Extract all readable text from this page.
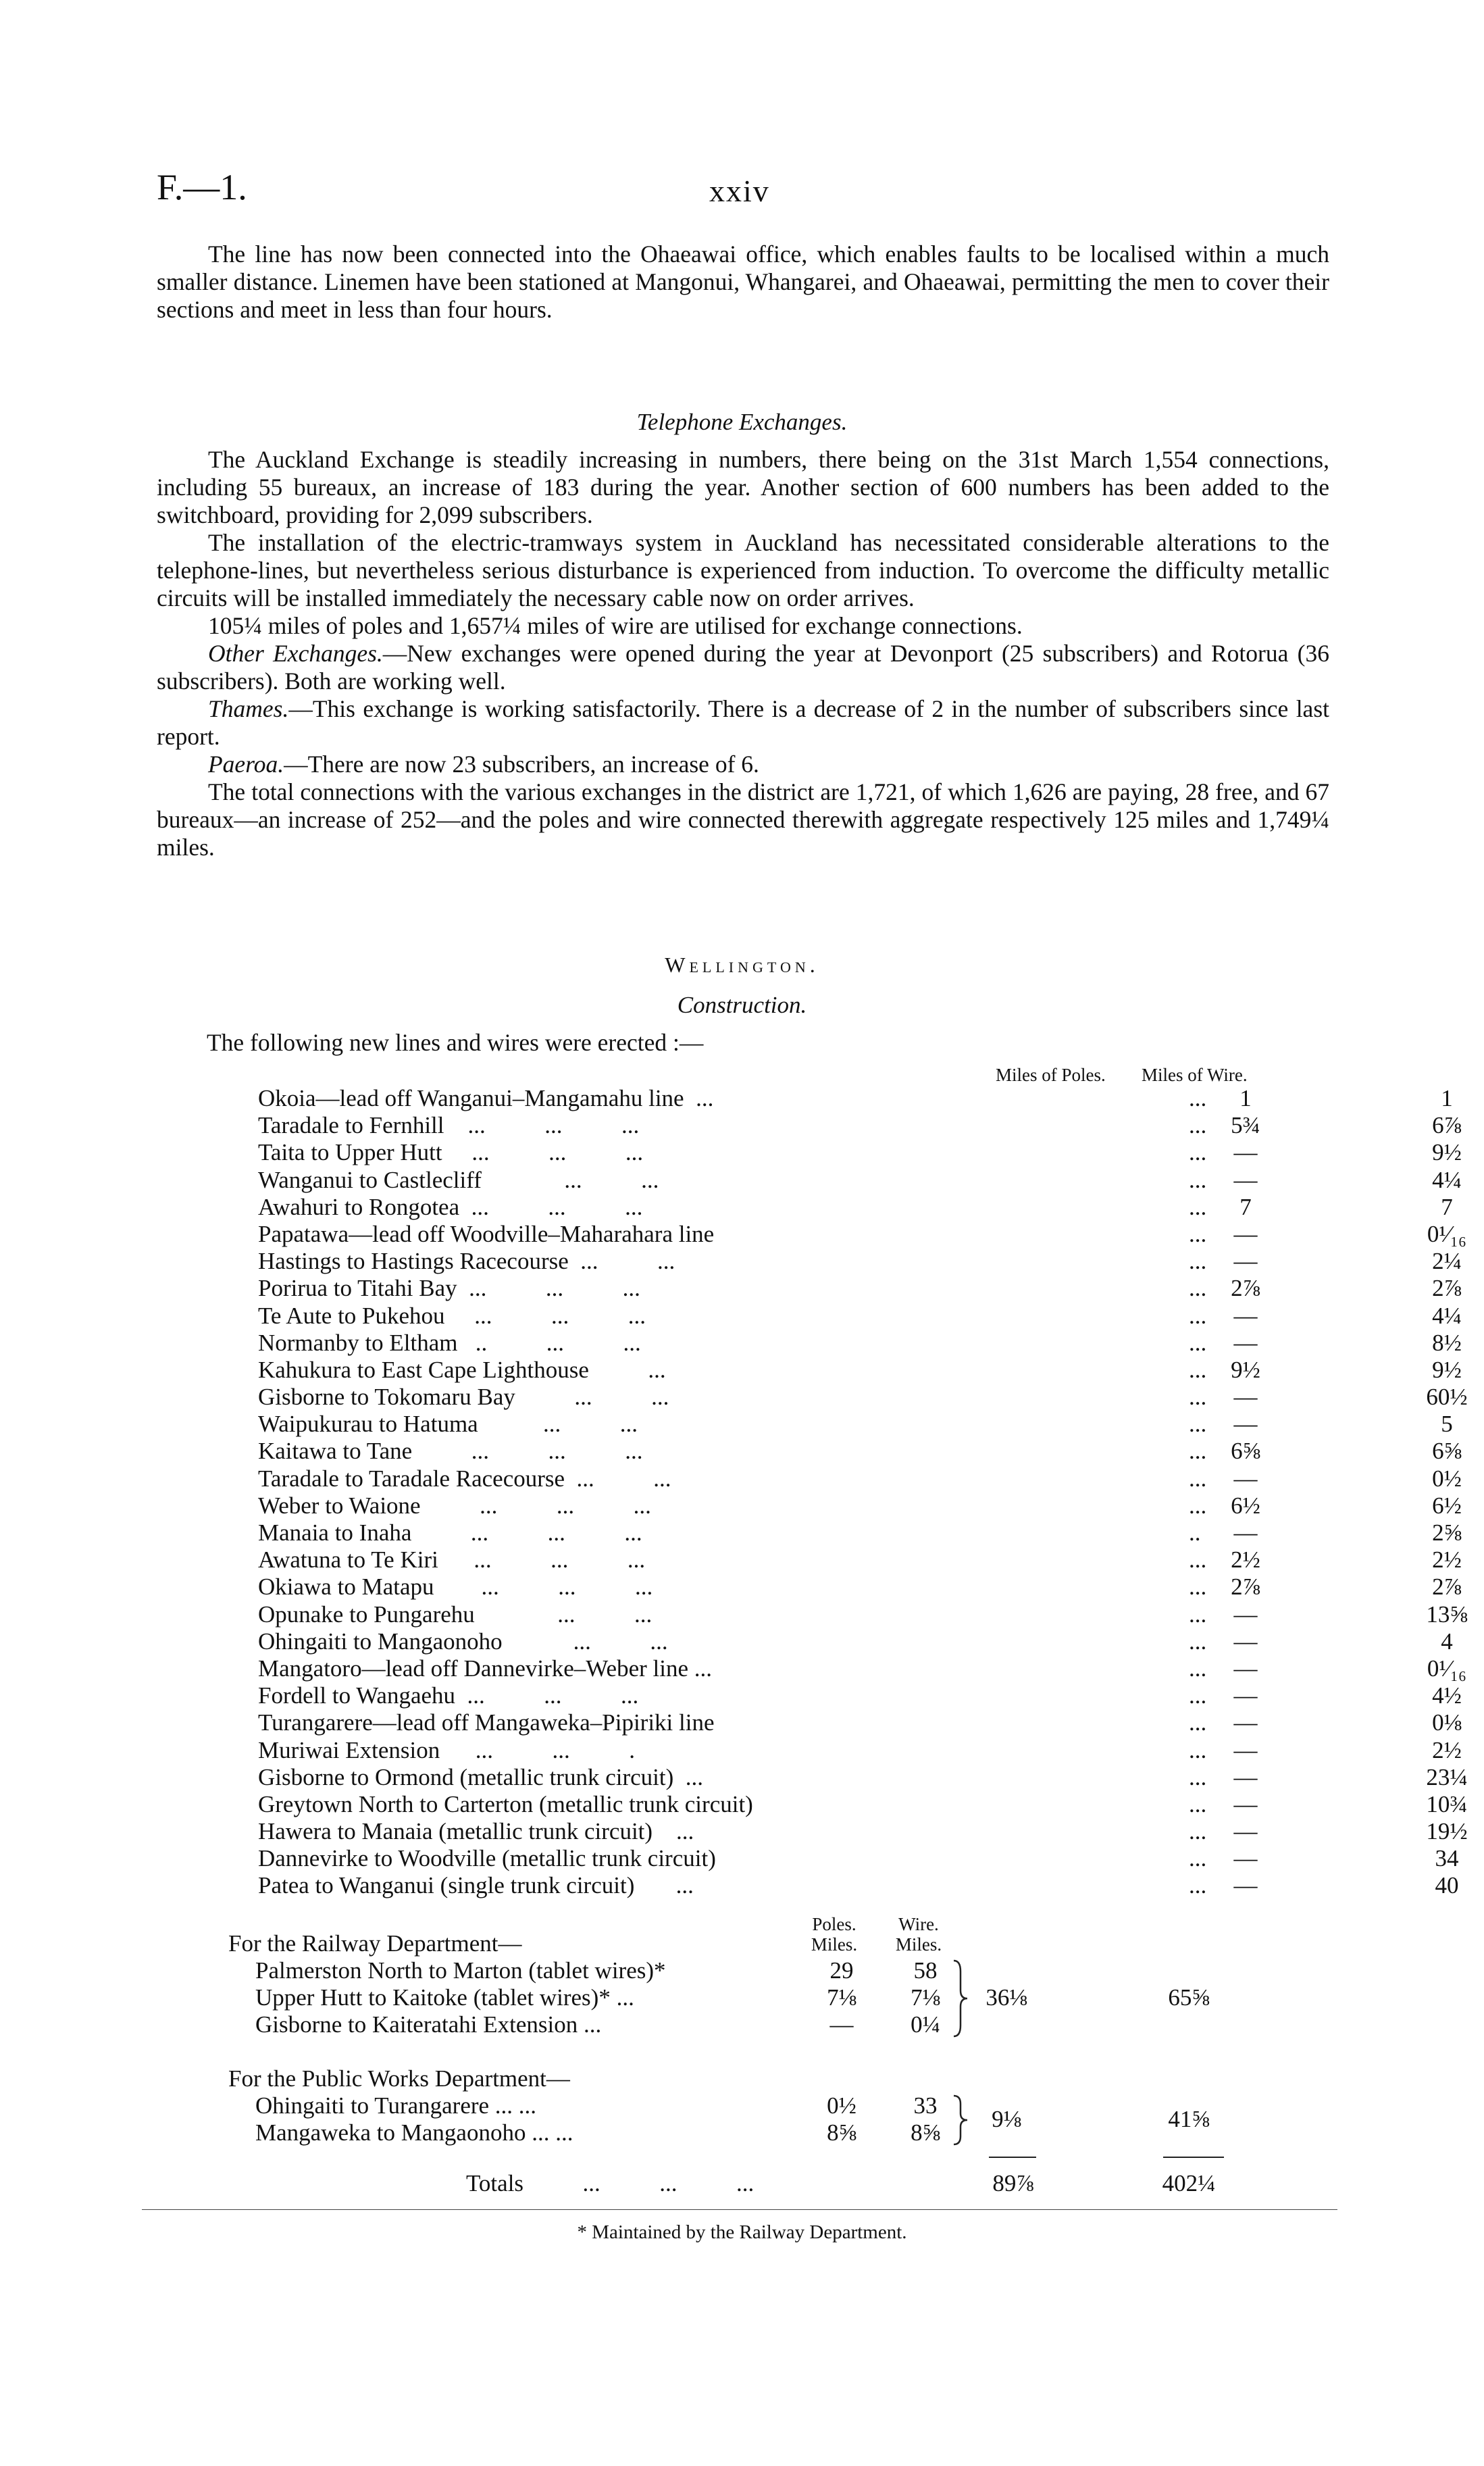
F.—1.	xxiv

The line has now been connected into the Ohaeawai office, which enables faults to be localised within a much smaller distance. Linemen have been stationed at Mangonui, Whangarei, and Ohaeawai, permitting the men to cover their sections and meet in less than four hours.

Telephone Exchanges.

The Auckland Exchange is steadily increasing in numbers, there being on the 31st March 1,554 connections, including 55 bureaux, an increase of 183 during the year. Another section of 600 numbers has been added to the switchboard, providing for 2,099 subscribers.

The installation of the electric-tramways system in Auckland has necessitated considerable alterations to the telephone-lines, but nevertheless serious disturbance is experienced from induction. To overcome the difficulty metallic circuits will be installed immediately the necessary cable now on order arrives.

105¼ miles of poles and 1,657¼ miles of wire are utilised for exchange connections.

Other Exchanges.—New exchanges were opened during the year at Devonport (25 subscribers) and Rotorua (36 subscribers). Both are working well.

Thames.—This exchange is working satisfactorily. There is a decrease of 2 in the number of subscribers since last report.

Paeroa.—There are now 23 subscribers, an increase of 6.

The total connections with the various exchanges in the district are 1,721, of which 1,626 are paying, 28 free, and 67 bureaux—an increase of 252—and the poles and wire connected therewith aggregate respectively 125 miles and 1,749¼ miles.

Wellington.
Construction.
The following new lines and wires were erected :—
Miles of Poles. Miles of Wire.
Okoia—lead off Wanganui–Mangamahu line  ...	...	1	1
Taradale to Fernhill    ...          ...          ...	...	5¾	6⅞
Taita to Upper Hutt     ...          ...          ...	...	—	9½
Wanganui to Castlecliff              ...          ...	...	—	4¼
Awahuri to Rongotea  ...          ...          ...	...	7	7
Papatawa—lead off Woodville–Maharahara line	...	—	0¹⁄₁₆
Hastings to Hastings Racecourse  ...          ...	...	—	2¼
Porirua to Titahi Bay  ...          ...          ...	...	2⅞	2⅞
Te Aute to Pukehou     ...          ...          ...	...	—	4¼
Normanby to Eltham   ..          ...          ...	...	—	8½
Kahukura to East Cape Lighthouse          ...	...	9½	9½
Gisborne to Tokomaru Bay          ...          ...	...	—	60½
Waipukurau to Hatuma           ...          ...	...	—	5
Kaitawa to Tane          ...          ...          ...	...	6⅝	6⅝
Taradale to Taradale Racecourse  ...          ...	...	—	0½
Weber to Waione          ...          ...          ...	...	6½	6½
Manaia to Inaha          ...          ...          ...	..	—	2⅝
Awatuna to Te Kiri      ...          ...          ...	...	2½	2½
Okiawa to Matapu        ...          ...          ...	...	2⅞	2⅞
Opunake to Pungarehu              ...          ...	...	—	13⅝
Ohingaiti to Mangaonoho            ...          ...	...	—	4
Mangatoro—lead off Dannevirke–Weber line ...	...	—	0¹⁄₁₆
Fordell to Wangaehu  ...          ...          ...	...	—	4½
Turangarere—lead off Mangaweka–Pipiriki line	...	—	0⅛
Muriwai Extension      ...          ...          .	...	—	2½
Gisborne to Ormond (metallic trunk circuit)  ...	...	—	23¼
Greytown North to Carterton (metallic trunk circuit)	...	—	10¾
Hawera to Manaia (metallic trunk circuit)    ...	...	—	19½
Dannevirke to Woodville (metallic trunk circuit)	...	—	34
Patea to Wanganui (single trunk circuit)       ...	...	—	40
Poles.
Miles.
Wire.
Miles.
For the Railway Department—
Palmerston North to Marton (tablet wires)*	29	58
Upper Hutt to Kaitoke (tablet wires)* ...	7⅛	7⅛
Gisborne to Kaiteratahi Extension ...	—	0¼
36⅛	65⅝
For the Public Works Department—
Ohingaiti to Turangarere ... ...	0½	33
Mangaweka to Mangaonoho ... ...	8⅝	8⅝
9⅛	41⅝
Totals          ...          ...          ...	89⅞	402¼
* Maintained by the Railway Department.
